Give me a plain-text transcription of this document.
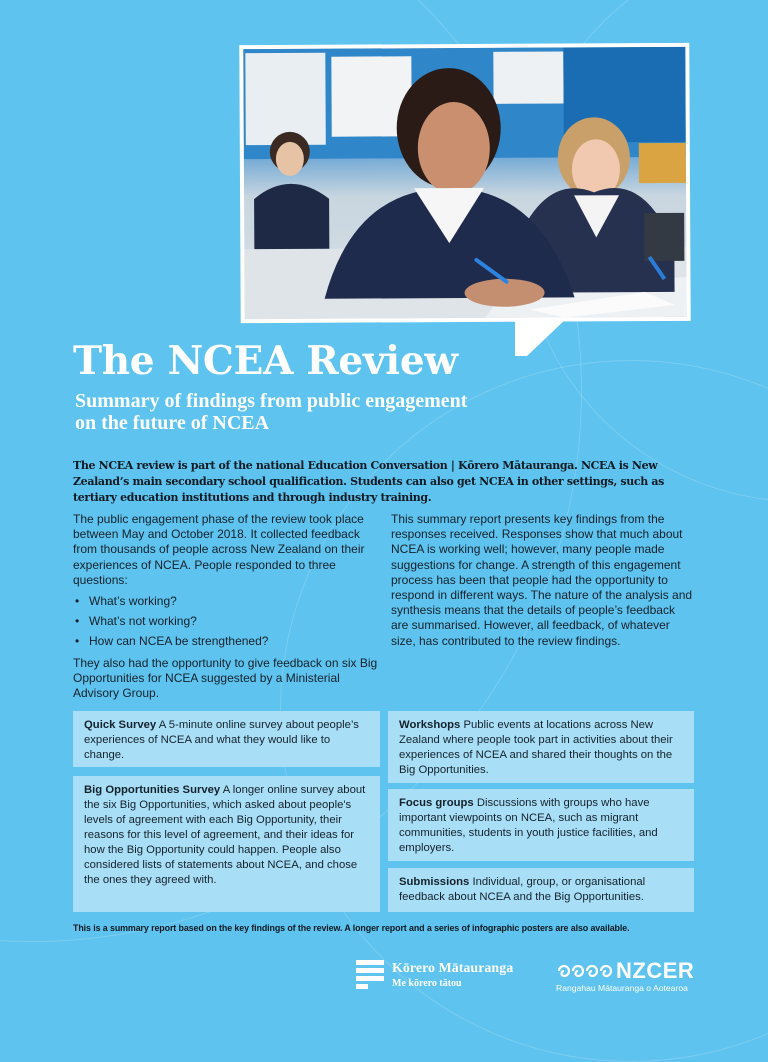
The NCEA Review
Summary of findings from public engagement
on the future of NCEA
The NCEA review is part of the national Education Conversation | Kōrero Mātauranga. NCEA is New Zealand’s main secondary school qualification. Students can also get NCEA in other settings, such as tertiary education institutions and through industry training.

The public engagement phase of the review took place between May and October 2018. It collected feedback from thousands of people across New Zealand on their experiences of NCEA. People responded to three questions:

• What’s working?
• What’s not working?
• How can NCEA be strengthened?

They also had the opportunity to give feedback on six Big Opportunities for NCEA suggested by a Ministerial Advisory Group.

This summary report presents key findings from the responses received. Responses show that much about NCEA is working well; however, many people made suggestions for change. A strength of this engagement process has been that people had the opportunity to respond in different ways. The nature of the analysis and synthesis means that the details of people’s feedback are summarised. However, all feedback, of whatever size, has contributed to the review findings.

Quick Survey A 5-minute online survey about people’s experiences of NCEA and what they would like to change.
Big Opportunities Survey A longer online survey about the six Big Opportunities, which asked about people's levels of agreement with each Big Opportunity, their reasons for this level of agreement, and their ideas for how the Big Opportunity could happen. People also considered lists of statements about NCEA, and chose the ones they agreed with.
Workshops Public events at locations across New Zealand where people took part in activities about their experiences of NCEA and shared their thoughts on the Big Opportunities.
Focus groups Discussions with groups who have important viewpoints on NCEA, such as migrant communities, students in youth justice facilities, and employers.
Submissions Individual, group, or organisational feedback about NCEA and the Big Opportunities.
This is a summary report based on the key findings of the review. A longer report and a series of infographic posters are also available.
Kōrero Mātauranga
Me kōrero tātou
NZCER
Rangahau Mātauranga o Aotearoa
